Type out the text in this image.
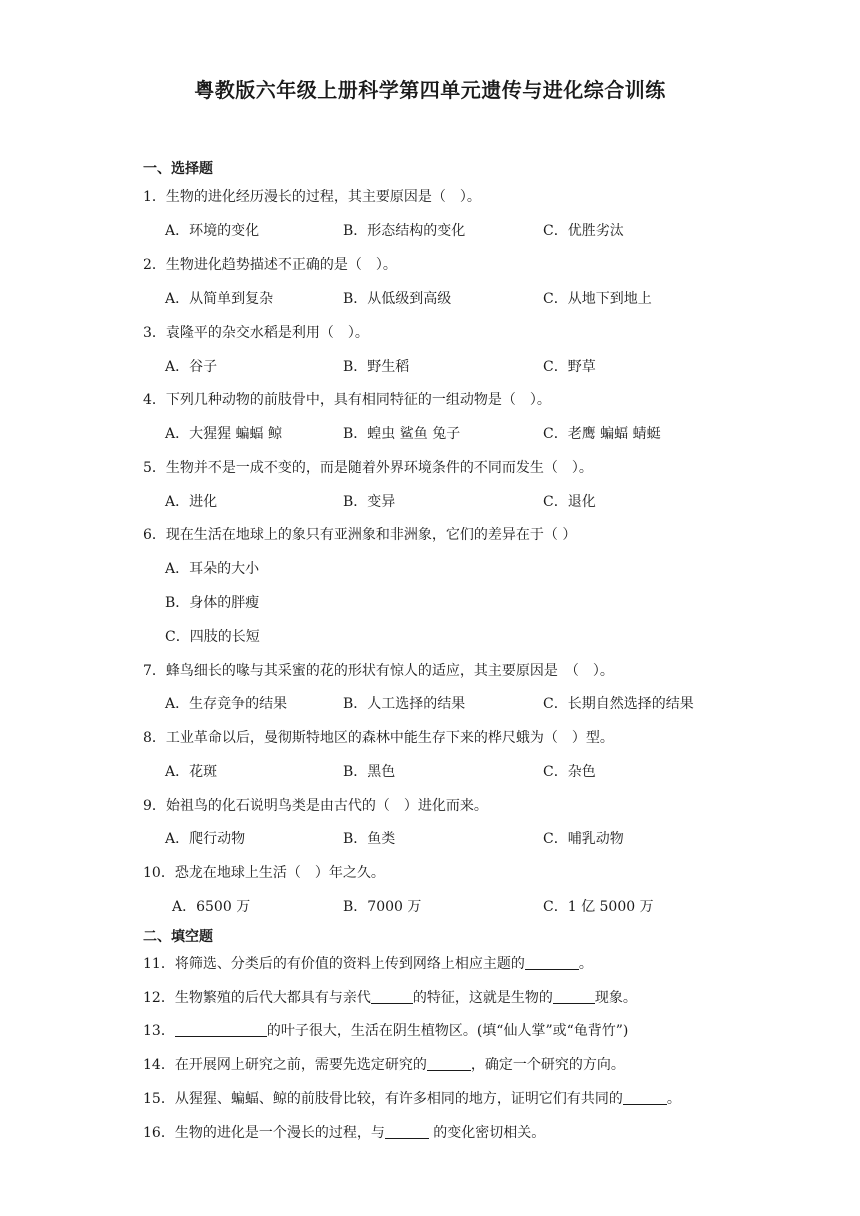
粤教版六年级上册科学第四单元遗传与进化综合训练
一、选择题
1．生物的进化经历漫长的过程，其主要原因是（　）。
A．环境的变化	B．形态结构的变化	C．优胜劣汰
2．生物进化趋势描述不正确的是（　）。
A．从简单到复杂	B．从低级到高级	C．从地下到地上
3．袁隆平的杂交水稻是利用（　）。
A．谷子	B．野生稻	C．野草
4．下列几种动物的前肢骨中，具有相同特征的一组动物是（　）。
A．大猩猩 蝙蝠 鲸	B．蝗虫 鲨鱼 兔子	C．老鹰 蝙蝠 蜻蜓
5．生物并不是一成不变的，而是随着外界环境条件的不同而发生（　）。
A．进化	B．变异	C．退化
6．现在生活在地球上的象只有亚洲象和非洲象，它们的差异在于（ ）
A．耳朵的大小
B．身体的胖瘦
C．四肢的长短
7．蜂鸟细长的喙与其采蜜的花的形状有惊人的适应，其主要原因是　（　）。
A．生存竞争的结果	B．人工选择的结果	C．长期自然选择的结果
8．工业革命以后，曼彻斯特地区的森林中能生存下来的桦尺蛾为（　）型。
A．花斑	B．黑色	C．杂色
9．始祖鸟的化石说明鸟类是由古代的（　）进化而来。
A．爬行动物	B．鱼类	C．哺乳动物
10．恐龙在地球上生活（　）年之久。
A．6500 万	B．7000 万	C．1 亿 5000 万
二、填空题
11．将筛选、分类后的有价值的资料上传到网络上相应主题的	。
12．生物繁殖的后代大都具有与亲代	的特征，这就是生物的	现象。
13．	的叶子很大，生活在阴生植物区。(填“仙人掌”或“龟背竹”)
14．在开展网上研究之前，需要先选定研究的	，确定一个研究的方向。
15．从猩猩、蝙蝠、鲸的前肢骨比较，有许多相同的地方，证明它们有共同的	。
16．生物的进化是一个漫长的过程，与	的变化密切相关。
